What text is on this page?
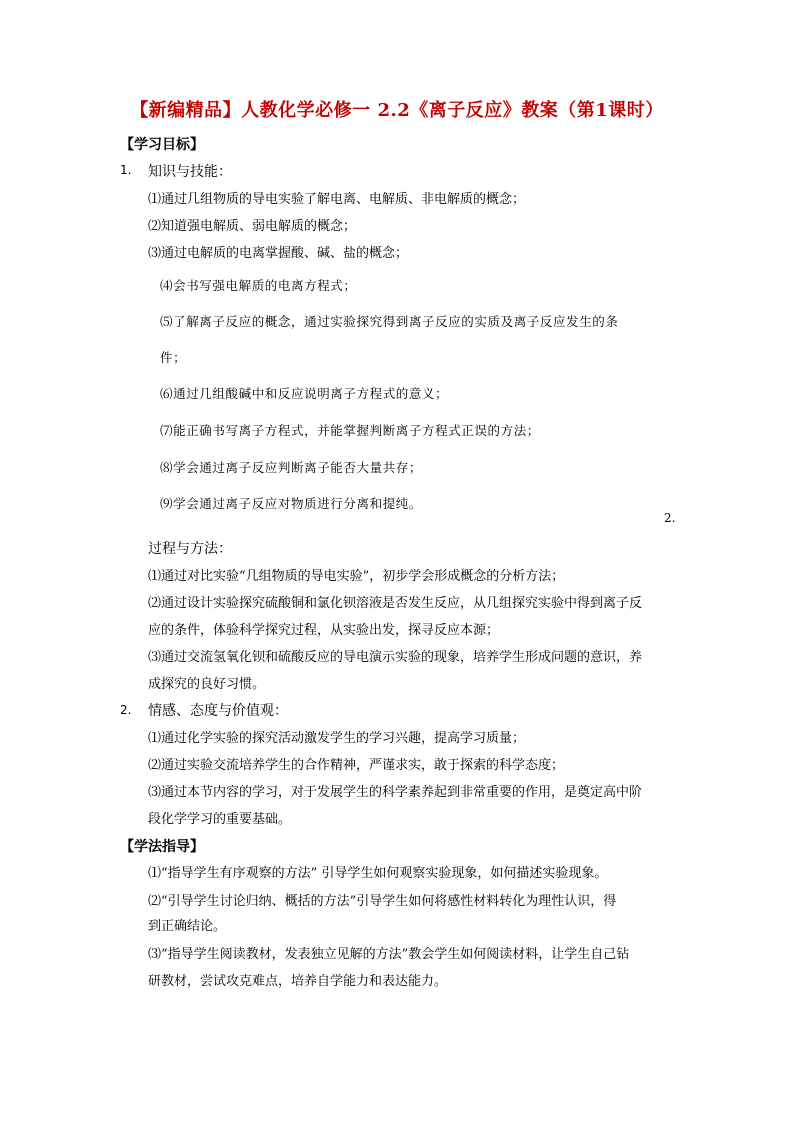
【新编精品】人教化学必修一 2.2《离子反应》教案（第1课时）
【学习目标】
1. 知识与技能：
⑴通过几组物质的导电实验了解电离、电解质、非电解质的概念；
⑵知道强电解质、弱电解质的概念；
⑶通过电解质的电离掌握酸、碱、盐的概念；
⑷会书写强电解质的电离方程式；
⑸了解离子反应的概念，通过实验探究得到离子反应的实质及离子反应发生的条
件；
⑹通过几组酸碱中和反应说明离子方程式的意义；
⑺能正确书写离子方程式，并能掌握判断离子方程式正误的方法；
⑻学会通过离子反应判断离子能否大量共存；
⑼学会通过离子反应对物质进行分离和提纯。
2.
过程与方法：
⑴通过对比实验“几组物质的导电实验”，初步学会形成概念的分析方法；
⑵通过设计实验探究硫酸铜和氯化钡溶液是否发生反应，从几组探究实验中得到离子反
应的条件，体验科学探究过程，从实验出发，探寻反应本源；
⑶通过交流氢氧化钡和硫酸反应的导电演示实验的现象，培养学生形成问题的意识，养
成探究的良好习惯。
2. 情感、态度与价值观：
⑴通过化学实验的探究活动激发学生的学习兴趣，提高学习质量；
⑵通过实验交流培养学生的合作精神，严谨求实，敢于探索的科学态度；
⑶通过本节内容的学习，对于发展学生的科学素养起到非常重要的作用，是奠定高中阶
段化学学习的重要基础。
【学法指导】
⑴“指导学生有序观察的方法” 引导学生如何观察实验现象，如何描述实验现象。
⑵“引导学生讨论归纳、概括的方法”引导学生如何将感性材料转化为理性认识，得
到正确结论。
⑶“指导学生阅读教材，发表独立见解的方法”教会学生如何阅读材料，让学生自己钻
研教材，尝试攻克难点，培养自学能力和表达能力。
